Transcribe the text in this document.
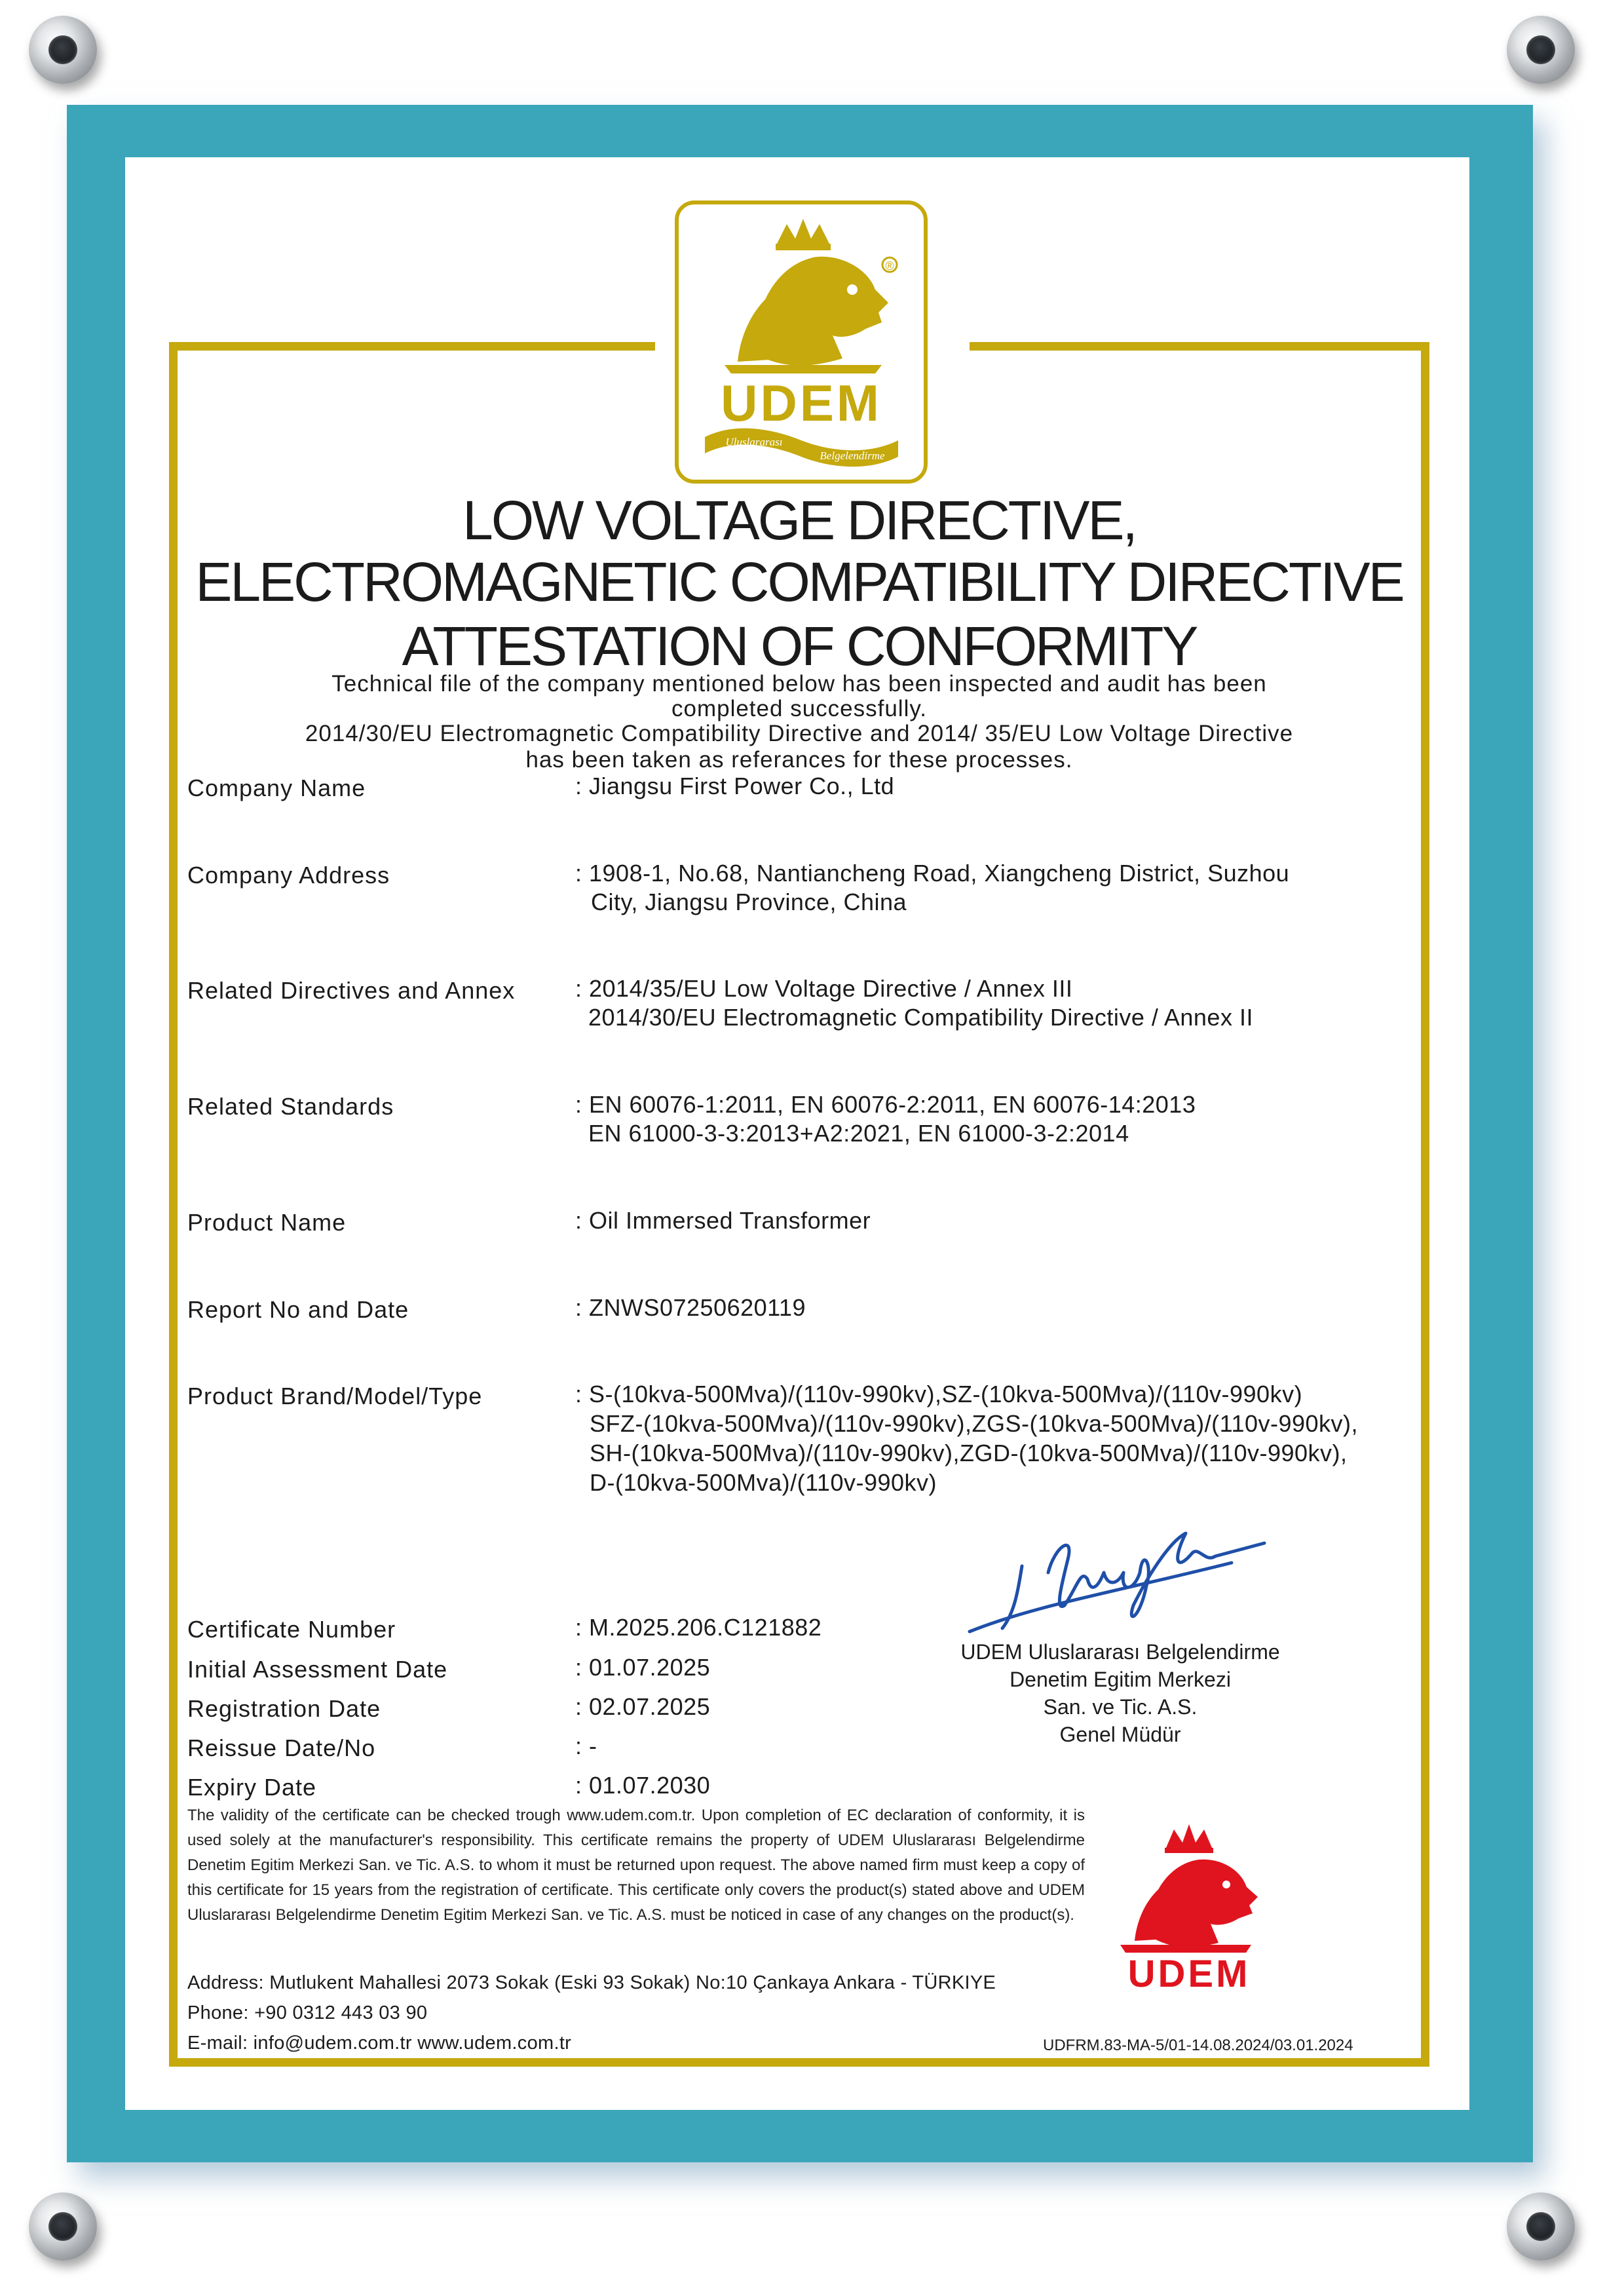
®
UDEM
Uluslararası
Belgelendirme
LOW VOLTAGE DIRECTIVE,
ELECTROMAGNETIC COMPATIBILITY DIRECTIVE
ATTESTATION OF CONFORMITY
Technical file of the company mentioned below has been inspected and audit has been
completed successfully.
2014/30/EU Electromagnetic Compatibility Directive and 2014/ 35/EU Low Voltage Directive
has been taken as referances for these processes.
Company Name	: Jiangsu First Power Co., Ltd
Company Address	: 1908-1, No.68, Nantiancheng Road, Xiangcheng District, Suzhou
City, Jiangsu Province, China
Related Directives and Annex	: 2014/35/EU Low Voltage Directive / Annex III
2014/30/EU Electromagnetic Compatibility Directive / Annex II
Related Standards	: EN 60076-1:2011, EN 60076-2:2011, EN 60076-14:2013
EN 61000-3-3:2013+A2:2021, EN 61000-3-2:2014
Product Name	: Oil Immersed Transformer
Report No and Date	: ZNWS07250620119
Product Brand/Model/Type	: S-(10kva-500Mva)/(110v-990kv),SZ-(10kva-500Mva)/(110v-990kv)
SFZ-(10kva-500Mva)/(110v-990kv),ZGS-(10kva-500Mva)/(110v-990kv),
SH-(10kva-500Mva)/(110v-990kv),ZGD-(10kva-500Mva)/(110v-990kv),
D-(10kva-500Mva)/(110v-990kv)
Certificate Number	: M.2025.206.C121882
Initial Assessment Date	: 01.07.2025
Registration Date	: 02.07.2025
Reissue Date/No	: -
Expiry Date	: 01.07.2030
UDEM Uluslararası Belgelendirme
Denetim Egitim Merkezi
San. ve Tic. A.S.
Genel Müdür
The validity of the certificate can be checked trough www.udem.com.tr. Upon completion of EC declaration of conformity, it is used solely at the manufacturer's responsibility. This certificate remains the property of UDEM Uluslararası Belgelendirme Denetim Egitim Merkezi San. ve Tic. A.S. to whom it must be returned upon request. The above named firm must keep a copy of this certificate for 15 years from the registration of certificate. This certificate only covers the product(s) stated above and UDEM Uluslararası Belgelendirme Denetim Egitim Merkezi San. ve Tic. A.S. must be noticed in case of any changes on the product(s).
UDEM
Address: Mutlukent Mahallesi 2073 Sokak (Eski 93 Sokak) No:10 Çankaya Ankara - TÜRKIYE
Phone: +90 0312 443 03 90
E-mail: info@udem.com.tr www.udem.com.tr	UDFRM.83-MA-5/01-14.08.2024/03.01.2024
